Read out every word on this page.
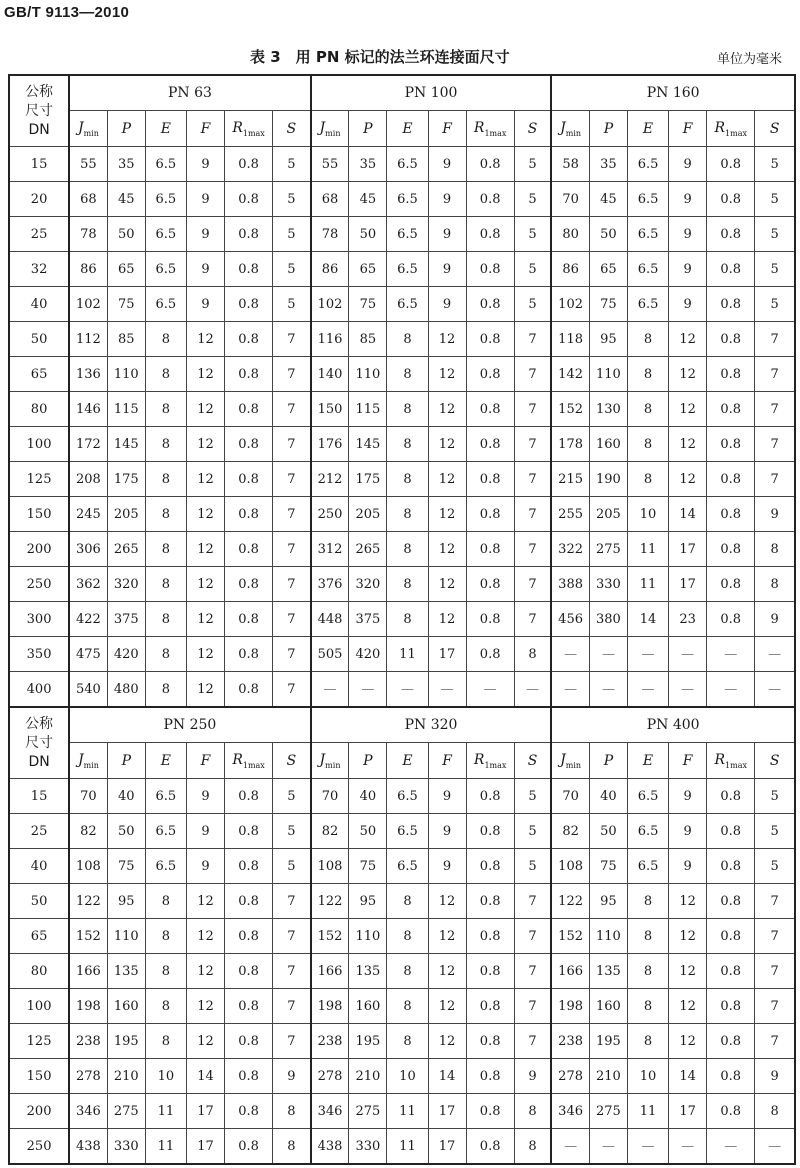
GB/T 9113—2010
表 3　用 PN 标记的法兰环连接面尺寸	单位为毫米
公称
尺寸
DN	PN 63						PN 100						PN 160					
	$J_{min}$	P	E	F	$R_{1max}$	S	$J_{min}$	P	E	F	$R_{1max}$	S	$J_{min}$	P	E	F	$R_{1max}$	S
15	55	35	6.5	9	0.8	5	55	35	6.5	9	0.8	5	58	35	6.5	9	0.8	5
20	68	45	6.5	9	0.8	5	68	45	6.5	9	0.8	5	70	45	6.5	9	0.8	5
25	78	50	6.5	9	0.8	5	78	50	6.5	9	0.8	5	80	50	6.5	9	0.8	5
32	86	65	6.5	9	0.8	5	86	65	6.5	9	0.8	5	86	65	6.5	9	0.8	5
40	102	75	6.5	9	0.8	5	102	75	6.5	9	0.8	5	102	75	6.5	9	0.8	5
50	112	85	8	12	0.8	7	116	85	8	12	0.8	7	118	95	8	12	0.8	7
65	136	110	8	12	0.8	7	140	110	8	12	0.8	7	142	110	8	12	0.8	7
80	146	115	8	12	0.8	7	150	115	8	12	0.8	7	152	130	8	12	0.8	7
100	172	145	8	12	0.8	7	176	145	8	12	0.8	7	178	160	8	12	0.8	7
125	208	175	8	12	0.8	7	212	175	8	12	0.8	7	215	190	8	12	0.8	7
150	245	205	8	12	0.8	7	250	205	8	12	0.8	7	255	205	10	14	0.8	9
200	306	265	8	12	0.8	7	312	265	8	12	0.8	7	322	275	11	17	0.8	8
250	362	320	8	12	0.8	7	376	320	8	12	0.8	7	388	330	11	17	0.8	8
300	422	375	8	12	0.8	7	448	375	8	12	0.8	7	456	380	14	23	0.8	9
350	475	420	8	12	0.8	7	505	420	11	17	0.8	8	—	—	—	—	—	—
400	540	480	8	12	0.8	7	—	—	—	—	—	—	—	—	—	—	—	—

公称
尺寸
DN	PN 250						PN 320						PN 400					
	$J_{min}$	P	E	F	$R_{1max}$	S	$J_{min}$	P	E	F	$R_{1max}$	S	$J_{min}$	P	E	F	$R_{1max}$	S
15	70	40	6.5	9	0.8	5	70	40	6.5	9	0.8	5	70	40	6.5	9	0.8	5
25	82	50	6.5	9	0.8	5	82	50	6.5	9	0.8	5	82	50	6.5	9	0.8	5
40	108	75	6.5	9	0.8	5	108	75	6.5	9	0.8	5	108	75	6.5	9	0.8	5
50	122	95	8	12	0.8	7	122	95	8	12	0.8	7	122	95	8	12	0.8	7
65	152	110	8	12	0.8	7	152	110	8	12	0.8	7	152	110	8	12	0.8	7
80	166	135	8	12	0.8	7	166	135	8	12	0.8	7	166	135	8	12	0.8	7
100	198	160	8	12	0.8	7	198	160	8	12	0.8	7	198	160	8	12	0.8	7
125	238	195	8	12	0.8	7	238	195	8	12	0.8	7	238	195	8	12	0.8	7
150	278	210	10	14	0.8	9	278	210	10	14	0.8	9	278	210	10	14	0.8	9
200	346	275	11	17	0.8	8	346	275	11	17	0.8	8	346	275	11	17	0.8	8
250	438	330	11	17	0.8	8	438	330	11	17	0.8	8	—	—	—	—	—	—
